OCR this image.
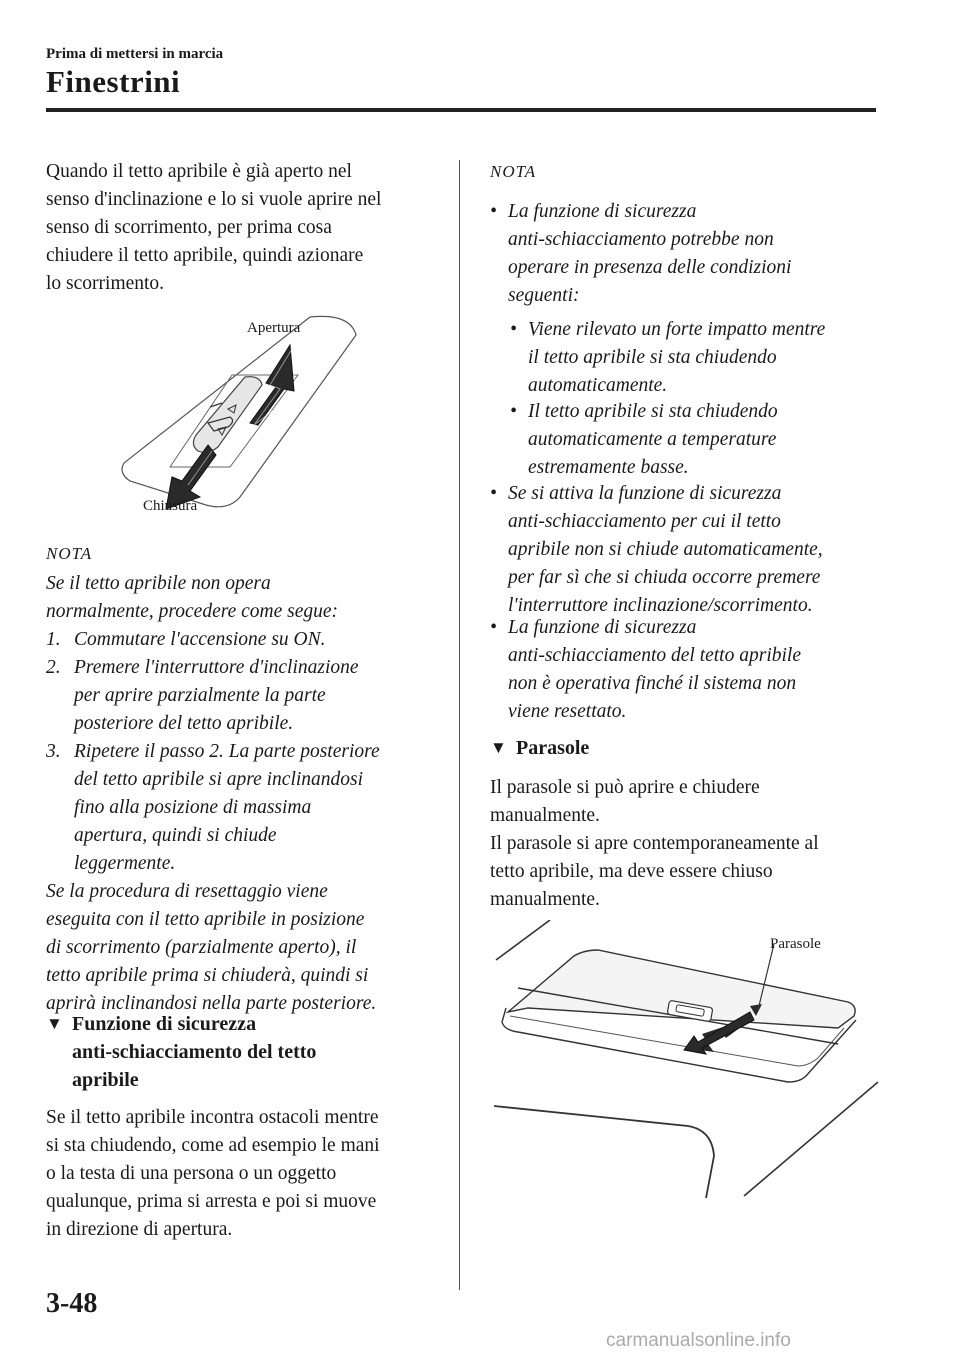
Prima di mettersi in marcia
Finestrini
Quando il tetto apribile è già aperto nel
senso d'inclinazione e lo si vuole aprire nel
senso di scorrimento, per prima cosa
chiudere il tetto apribile, quindi azionare
lo scorrimento.
Apertura
Chiusura
NOTA
Se il tetto apribile non opera
normalmente, procedere come segue:
1. Commutare l'accensione su ON.
2. Premere l'interruttore d'inclinazione
per aprire parzialmente la parte
posteriore del tetto apribile.
3. Ripetere il passo 2. La parte posteriore
del tetto apribile si apre inclinandosi
fino alla posizione di massima
apertura, quindi si chiude
leggermente.
Se la procedura di resettaggio viene
eseguita con il tetto apribile in posizione
di scorrimento (parzialmente aperto), il
tetto apribile prima si chiuderà, quindi si
aprirà inclinandosi nella parte posteriore.
▼ Funzione di sicurezza
anti-schiacciamento del tetto
apribile
Se il tetto apribile incontra ostacoli mentre
si sta chiudendo, come ad esempio le mani
o la testa di una persona o un oggetto
qualunque, prima si arresta e poi si muove
in direzione di apertura.
NOTA
• La funzione di sicurezza
anti-schiacciamento potrebbe non
operare in presenza delle condizioni
seguenti:
• Viene rilevato un forte impatto mentre
il tetto apribile si sta chiudendo
automaticamente.
• Il tetto apribile si sta chiudendo
automaticamente a temperature
estremamente basse.
• Se si attiva la funzione di sicurezza
anti-schiacciamento per cui il tetto
apribile non si chiude automaticamente,
per far sì che si chiuda occorre premere
l'interruttore inclinazione/scorrimento.
• La funzione di sicurezza
anti-schiacciamento del tetto apribile
non è operativa finché il sistema non
viene resettato.
▼ Parasole
Il parasole si può aprire e chiudere
manualmente.
Il parasole si apre contemporaneamente al
tetto apribile, ma deve essere chiuso
manualmente.
Parasole
3-48
carmanualsonline.info
